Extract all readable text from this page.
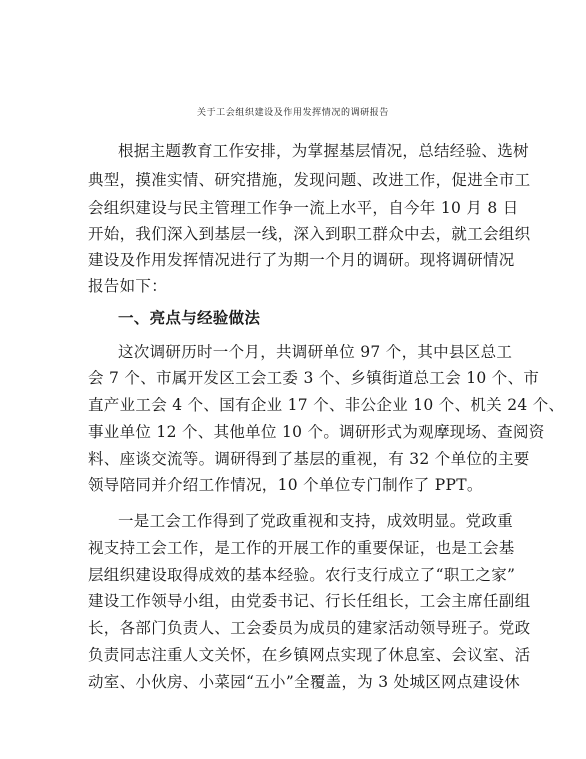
关于工会组织建设及作用发挥情况的调研报告
根据主题教育工作安排，为掌握基层情况，总结经验、选树
典型，摸准实情、研究措施，发现问题、改进工作，促进全市工
会组织建设与民主管理工作争一流上水平，自今年 10 月 8 日
开始，我们深入到基层一线，深入到职工群众中去，就工会组织
建设及作用发挥情况进行了为期一个月的调研。现将调研情况
报告如下：
一、亮点与经验做法
这次调研历时一个月，共调研单位 97 个，其中县区总工
会 7 个、市属开发区工会工委 3 个、乡镇街道总工会 10 个、市
直产业工会 4 个、国有企业 17 个、非公企业 10 个、机关 24 个、
事业单位 12 个、其他单位 10 个。调研形式为观摩现场、查阅资
料、座谈交流等。调研得到了基层的重视，有 32 个单位的主要
领导陪同并介绍工作情况，10 个单位专门制作了 PPT。
一是工会工作得到了党政重视和支持，成效明显。党政重
视支持工会工作，是工作的开展工作的重要保证，也是工会基
层组织建设取得成效的基本经验。农行支行成立了“职工之家”
建设工作领导小组，由党委书记、行长任组长，工会主席任副组
长，各部门负责人、工会委员为成员的建家活动领导班子。党政
负责同志注重人文关怀，在乡镇网点实现了休息室、会议室、活
动室、小伙房、小菜园“五小”全覆盖，为 3 处城区网点建设休
